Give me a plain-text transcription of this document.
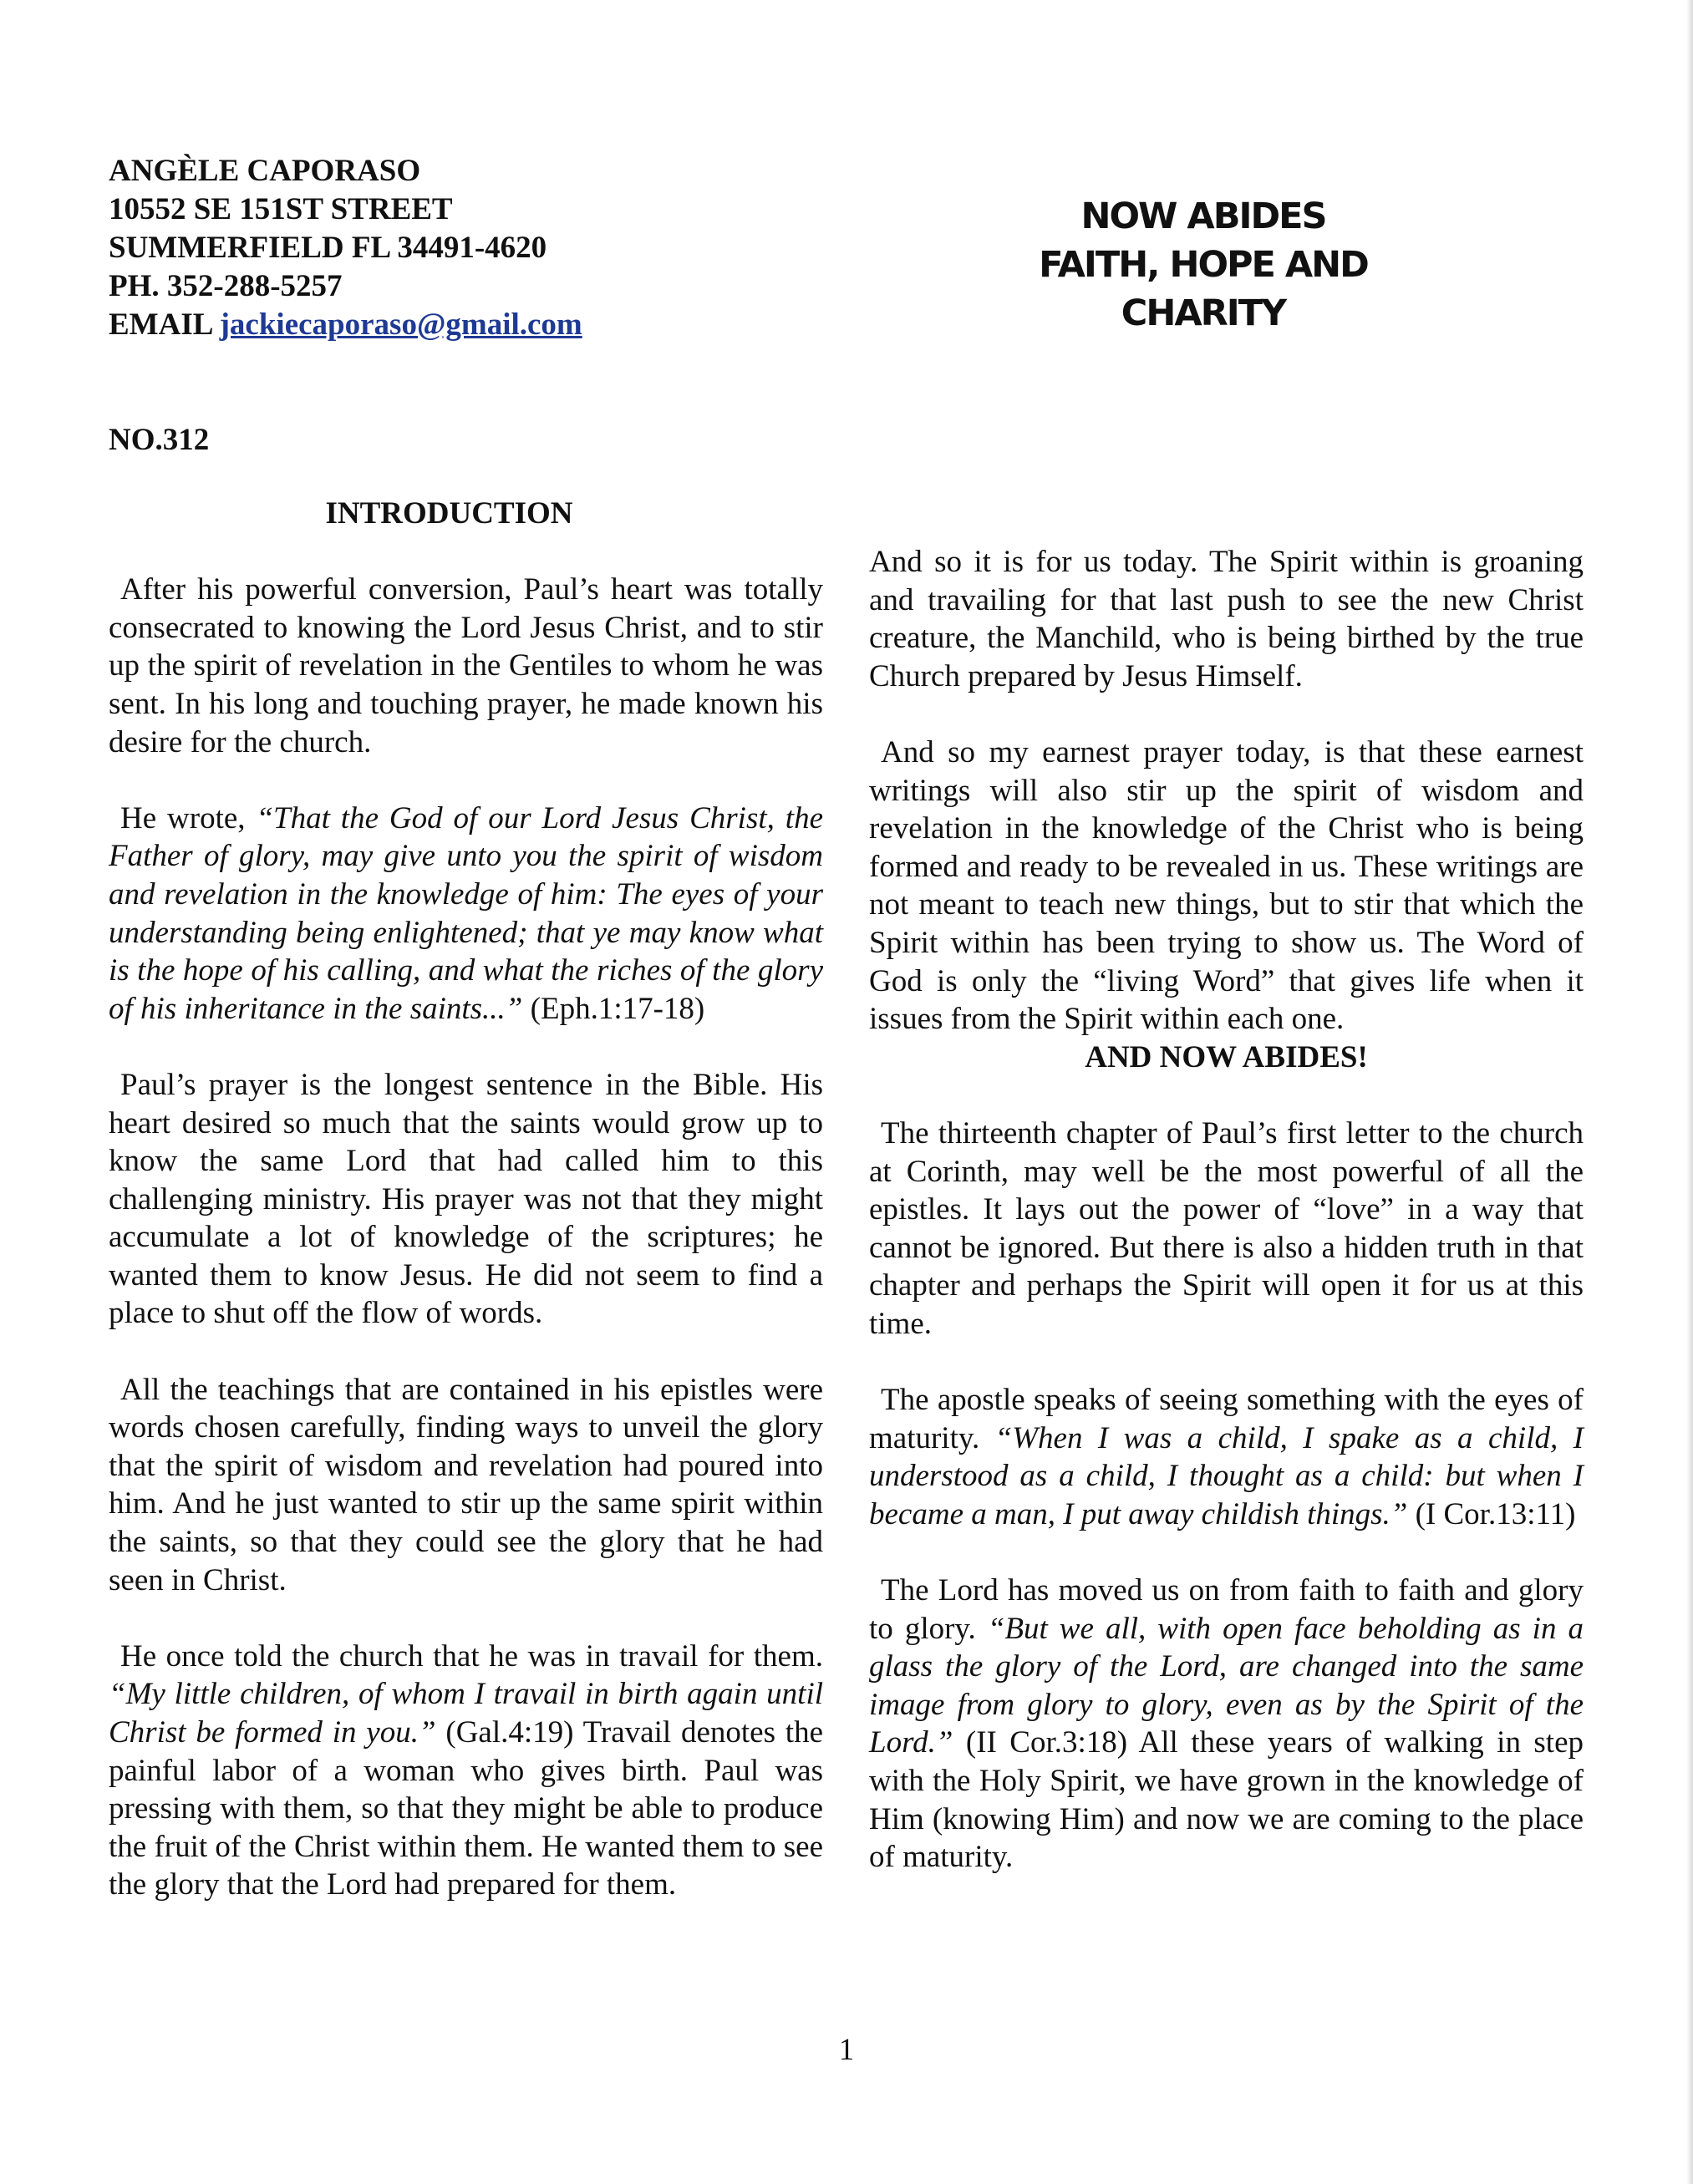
ANGÈLE CAPORASO
10552 SE 151ST STREET
SUMMERFIELD FL 34491-4620
PH. 352-288-5257
EMAIL jackiecaporaso@gmail.com
NOW ABIDES
FAITH, HOPE AND
CHARITY
NO.312
INTRODUCTION

After his powerful conversion, Paul’s heart was totally consecrated to knowing the Lord Jesus Christ, and to stir up the spirit of revelation in the Gentiles to whom he was sent. In his long and touching prayer, he made known his desire for the church.

He wrote, “That the God of our Lord Jesus Christ, the Father of glory, may give unto you the spirit of wisdom and revelation in the knowledge of him: The eyes of your understanding being enlightened; that ye may know what is the hope of his calling, and what the riches of the glory of his inheritance in the saints...” (Eph.1:17-18)

Paul’s prayer is the longest sentence in the Bible. His heart desired so much that the saints would grow up to know the same Lord that had called him to this challenging ministry. His prayer was not that they might accumulate a lot of knowledge of the scriptures; he wanted them to know Jesus. He did not seem to find a place to shut off the flow of words.

All the teachings that are contained in his epistles were words chosen carefully, finding ways to unveil the glory that the spirit of wisdom and revelation had poured into him. And he just wanted to stir up the same spirit within the saints, so that they could see the glory that he had seen in Christ.

He once told the church that he was in travail for them. “My little children, of whom I travail in birth again until Christ be formed in you.” (Gal.4:19) Travail denotes the painful labor of a woman who gives birth. Paul was pressing with them, so that they might be able to produce the fruit of the Christ within them. He wanted them to see the glory that the Lord had prepared for them.

And so it is for us today. The Spirit within is groaning and travailing for that last push to see the new Christ creature, the Manchild, who is being birthed by the true Church prepared by Jesus Himself.

And so my earnest prayer today, is that these earnest writings will also stir up the spirit of wisdom and revelation in the knowledge of the Christ who is being formed and ready to be revealed in us. These writings are not meant to teach new things, but to stir that which the Spirit within has been trying to show us. The Word of God is only the “living Word” that gives life when it issues from the Spirit within each one.

AND NOW ABIDES!

The thirteenth chapter of Paul’s first letter to the church at Corinth, may well be the most powerful of all the epistles. It lays out the power of “love” in a way that cannot be ignored. But there is also a hidden truth in that chapter and perhaps the Spirit will open it for us at this time.

The apostle speaks of seeing something with the eyes of maturity. “When I was a child, I spake as a child, I understood as a child, I thought as a child: but when I became a man, I put away childish things.” (I Cor.13:11)

The Lord has moved us on from faith to faith and glory to glory. “But we all, with open face beholding as in a glass the glory of the Lord, are changed into the same image from glory to glory, even as by the Spirit of the Lord.” (II Cor.3:18) All these years of walking in step with the Holy Spirit, we have grown in the knowledge of Him (knowing Him) and now we are coming to the place of maturity.

1
